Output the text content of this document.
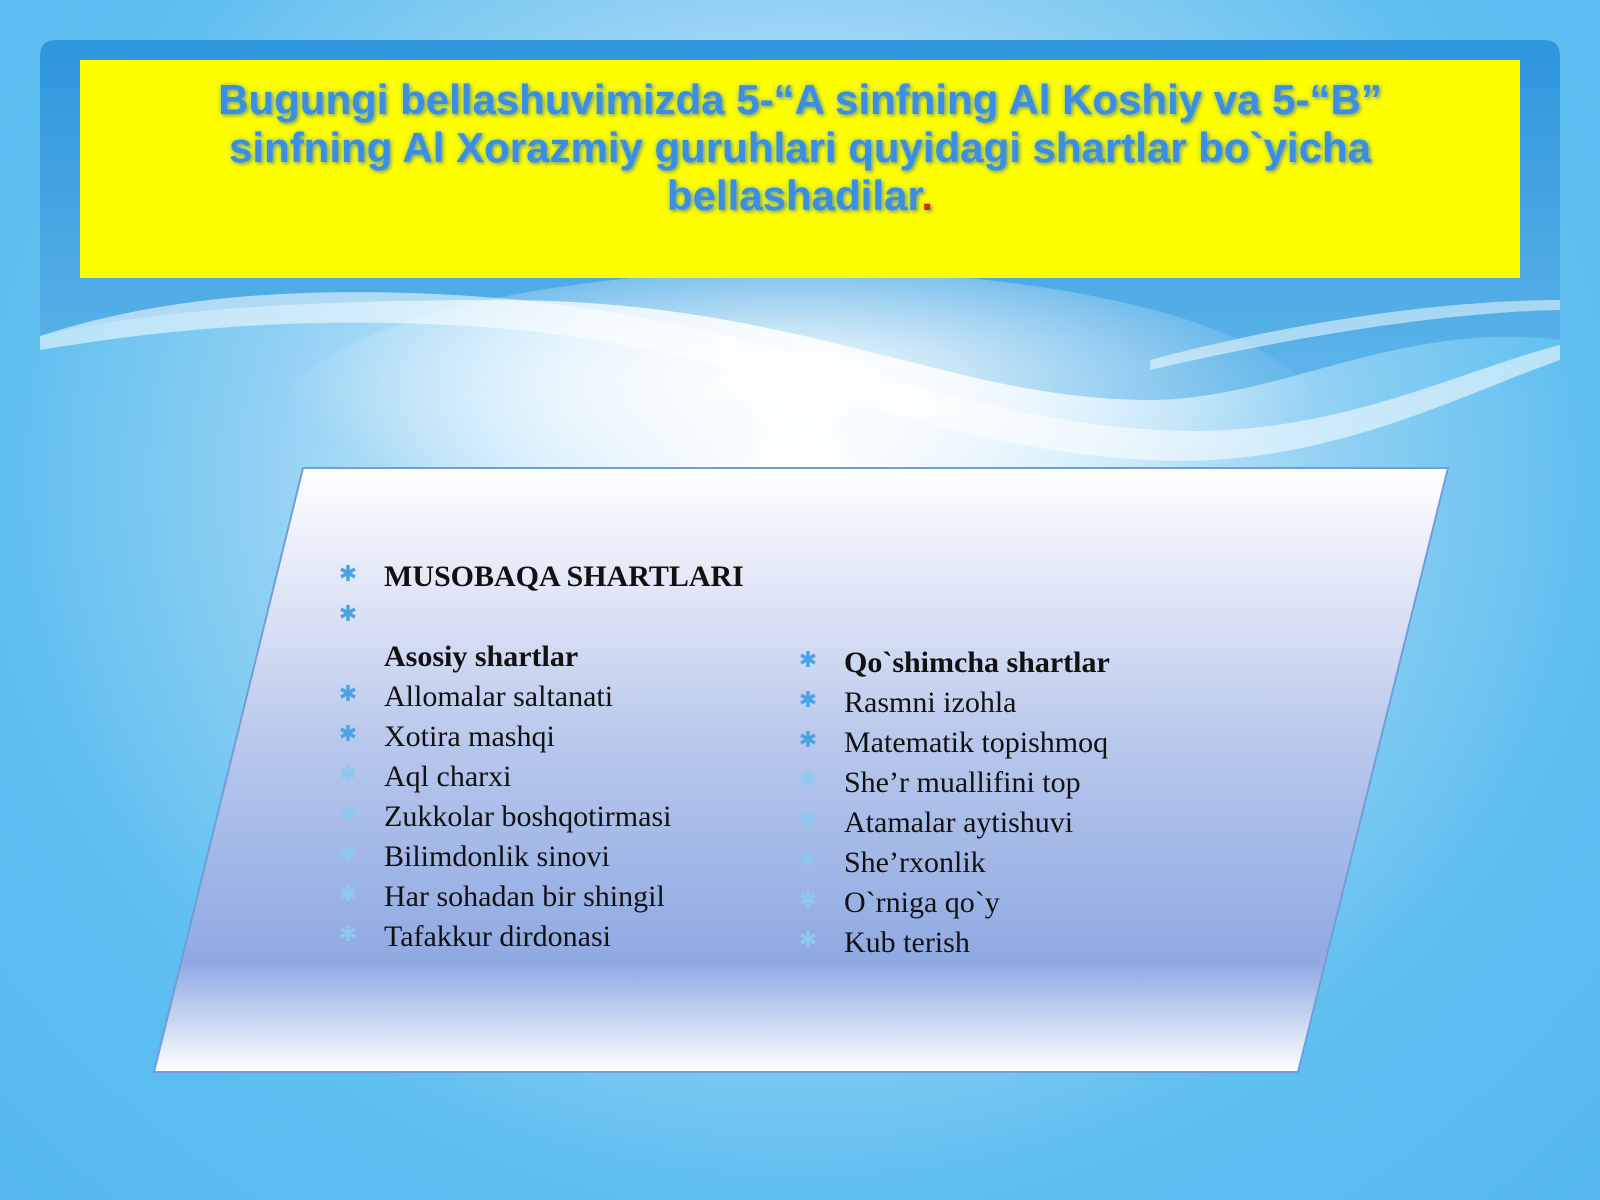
Bugungi bellashuvimizda 5-“A sinfning Al Koshiy va 5-“B” sinfning Al Xorazmiy guruhlari quyidagi shartlar bo`yicha bellashadilar.

✱ MUSOBAQA SHARTLARI
✱
Asosiy shartlar
✱ Allomalar saltanati
✱ Xotira mashqi
✱ Aql charxi
✱ Zukkolar boshqotirmasi
✱ Bilimdonlik sinovi
✱ Har sohadan bir shingil
✱ Tafakkur dirdonasi
✱ Qo`shimcha shartlar
✱ Rasmni izohla
✱ Matematik topishmoq
✱ She’r muallifini top
✱ Atamalar aytishuvi
✱ She’rxonlik
✱ O`rniga qo`y
✱ Kub terish
